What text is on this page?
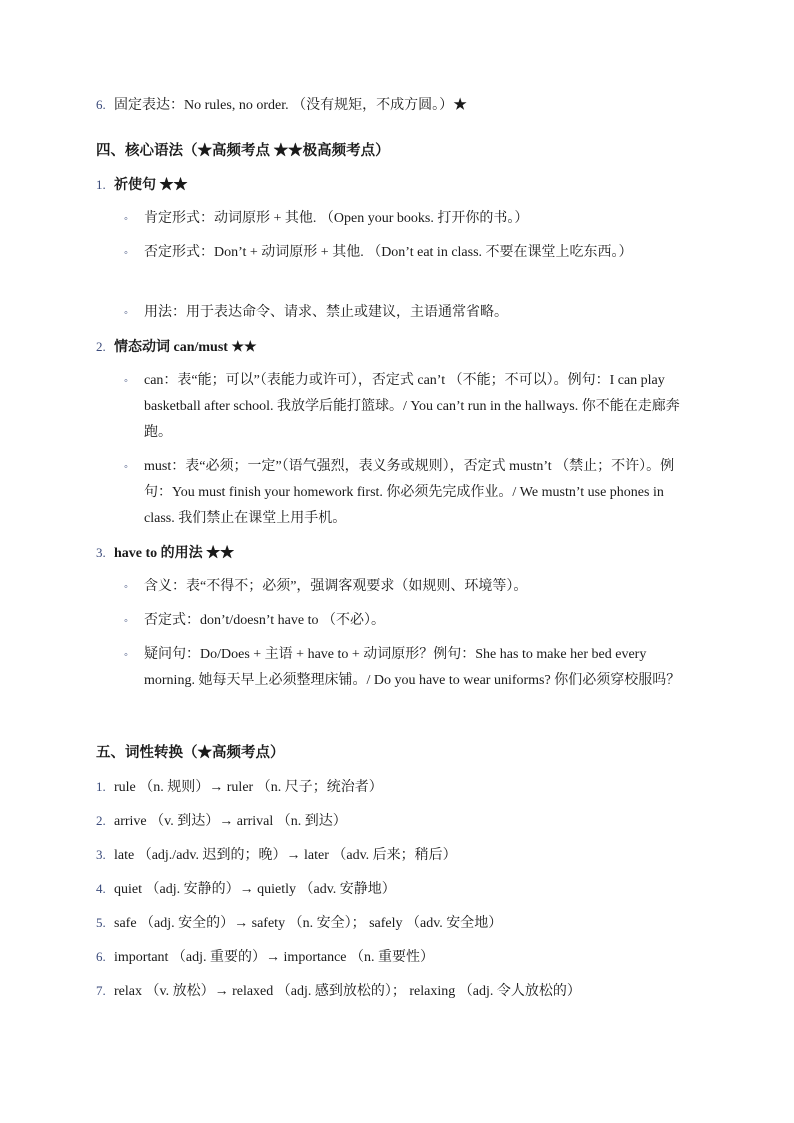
6. 固定表达：No rules, no order. （没有规矩，不成方圆。）★
四、核心语法（★高频考点 ★★极高频考点）
1. 祈使句 ★★
◦ 肯定形式：动词原形 + 其他. （Open your books. 打开你的书。）
◦ 否定形式：Don’t + 动词原形 + 其他. （Don’t eat in class. 不要在课堂上吃东西。）
◦ 用法：用于表达命令、请求、禁止或建议，主语通常省略。
2. 情态动词 can/must ★★
◦ can：表“能；可以”（表能力或许可），否定式 can’t （不能；不可以）。例句：I can play basketball after school. 我放学后能打篮球。/ You can’t run in the hallways. 你不能在走廊奔跑。
◦ must：表“必须；一定”（语气强烈，表义务或规则），否定式 mustn’t （禁止；不许）。例句：You must finish your homework first. 你必须先完成作业。/ We mustn’t use phones in class. 我们禁止在课堂上用手机。
3. have to 的用法 ★★
◦ 含义：表“不得不；必须”，强调客观要求（如规则、环境等）。
◦ 否定式：don’t/doesn’t have to （不必）。
◦ 疑问句：Do/Does + 主语 + have to + 动词原形？例句：She has to make her bed every morning. 她每天早上必须整理床铺。/ Do you have to wear uniforms? 你们必须穿校服吗？
五、词性转换（★高频考点）
1. rule （n. 规则）→ ruler （n. 尺子；统治者）
2. arrive （v. 到达）→ arrival （n. 到达）
3. late （adj./adv. 迟到的；晚）→ later （adv. 后来；稍后）
4. quiet （adj. 安静的）→ quietly （adv. 安静地）
5. safe （adj. 安全的）→ safety （n. 安全）； safely （adv. 安全地）
6. important （adj. 重要的）→ importance （n. 重要性）
7. relax （v. 放松）→ relaxed （adj. 感到放松的）； relaxing （adj. 令人放松的）
